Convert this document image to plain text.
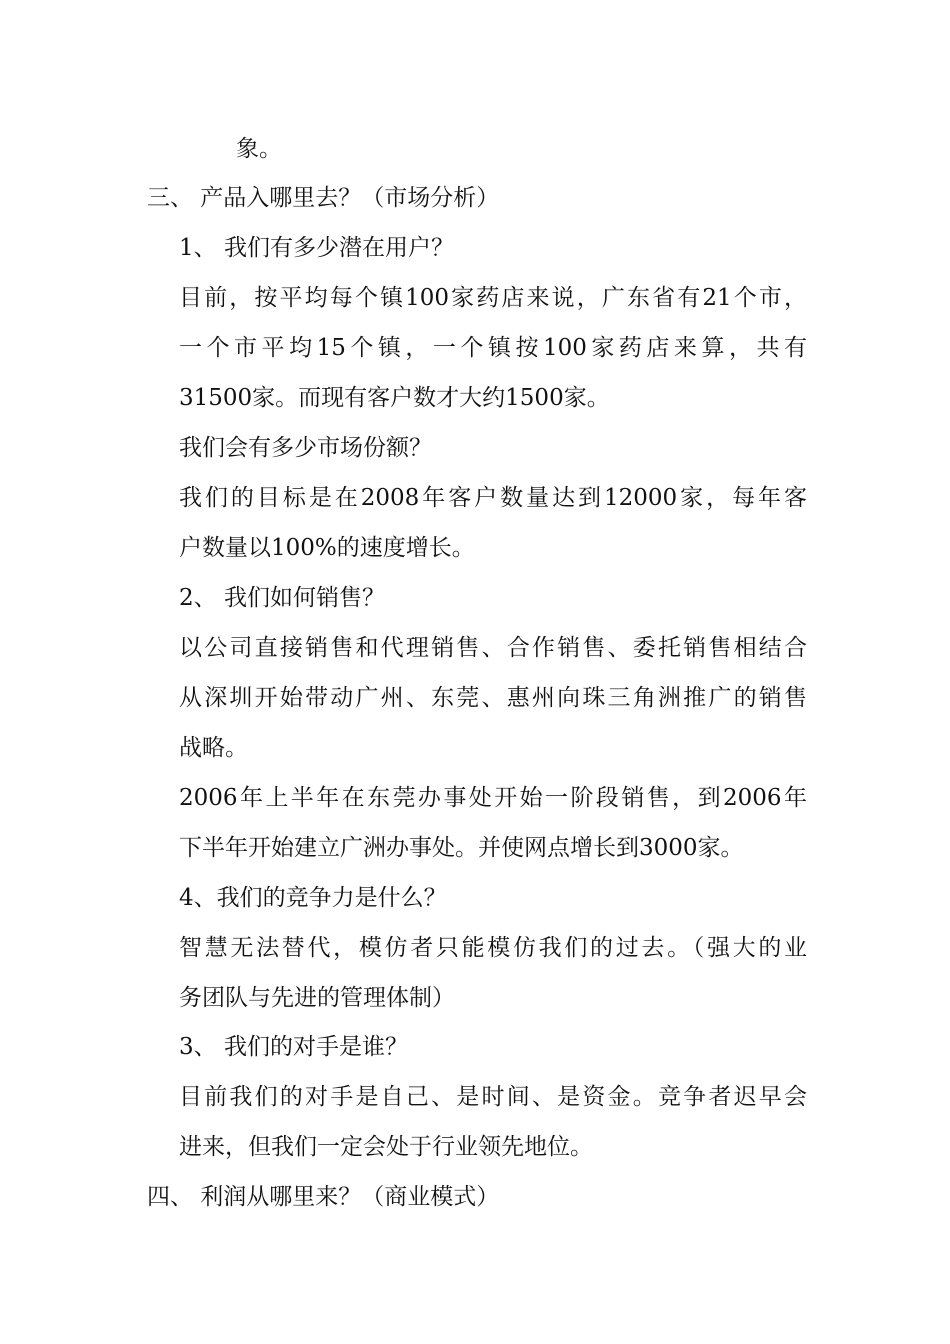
象。
三、 产品入哪里去？（市场分析）
1、 我们有多少潜在用户？
目前，按平均每个镇100家药店来说，广东省有21个市，
一个市平均15个镇，一个镇按100家药店来算，共有
31500家。而现有客户数才大约1500家。
我们会有多少市场份额？
我们的目标是在2008年客户数量达到12000家，每年客
户数量以100%的速度增长。
2、 我们如何销售？
以公司直接销售和代理销售、合作销售、委托销售相结合
从深圳开始带动广州、东莞、惠州向珠三角洲推广的销售
战略。
2006年上半年在东莞办事处开始一阶段销售，到2006年
下半年开始建立广洲办事处。并使网点增长到3000家。
4、我们的竞争力是什么？
智慧无法替代，模仿者只能模仿我们的过去。（强大的业
务团队与先进的管理体制）
3、 我们的对手是谁？
目前我们的对手是自己、是时间、是资金。竞争者迟早会
进来，但我们一定会处于行业领先地位。
四、 利润从哪里来？（商业模式）
